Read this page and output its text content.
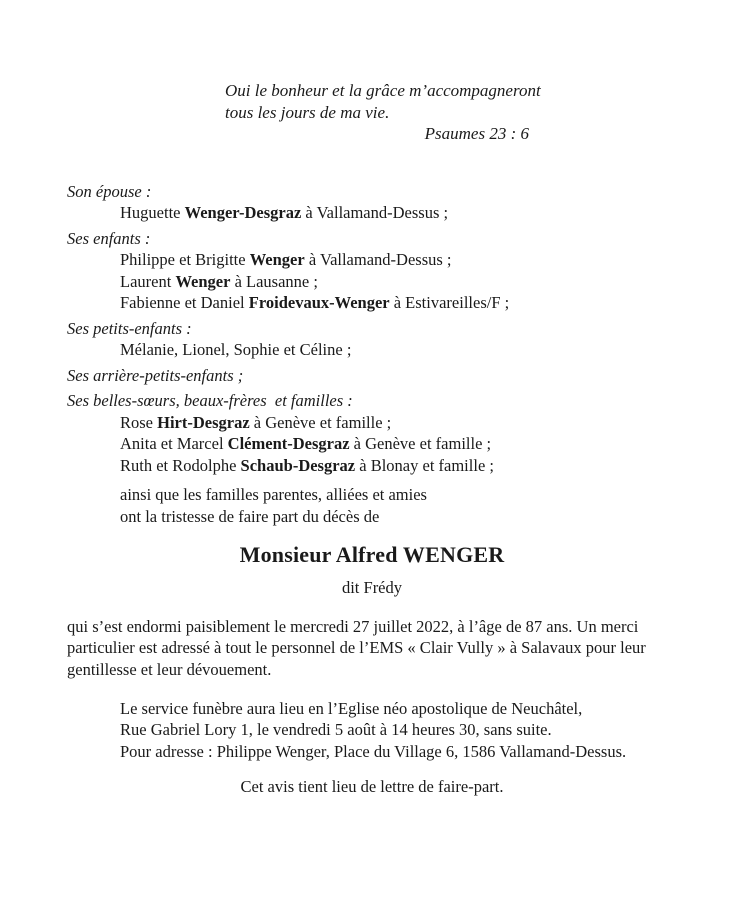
Oui le bonheur et la grâce m’accompagneront
tous les jours de ma vie.
Psaumes 23 : 6
Son épouse :
Huguette Wenger-Desgraz à Vallamand-Dessus ;
Ses enfants :
Philippe et Brigitte Wenger à Vallamand-Dessus ;
Laurent Wenger à Lausanne ;
Fabienne et Daniel Froidevaux-Wenger à Estivareilles/F ;
Ses petits-enfants :
Mélanie, Lionel, Sophie et Céline ;
Ses arrière-petits-enfants ;
Ses belles-sœurs, beaux-frères  et familles :
Rose Hirt-Desgraz à Genève et famille ;
Anita et Marcel Clément-Desgraz à Genève et famille ;
Ruth et Rodolphe Schaub-Desgraz à Blonay et famille ;
ainsi que les familles parentes, alliées et amies
ont la tristesse de faire part du décès de
Monsieur Alfred WENGER
dit Frédy

qui s’est endormi paisiblement le mercredi 27 juillet 2022, à l’âge de 87 ans. Un merci particulier est adressé à tout le personnel de l’EMS « Clair Vully » à Salavaux pour leur gentillesse et leur dévouement.

Le service funèbre aura lieu en l’Eglise néo apostolique de Neuchâtel,
Rue Gabriel Lory 1, le vendredi 5 août à 14 heures 30, sans suite.
Pour adresse : Philippe Wenger, Place du Village 6, 1586 Vallamand-Dessus.
Cet avis tient lieu de lettre de faire-part.
